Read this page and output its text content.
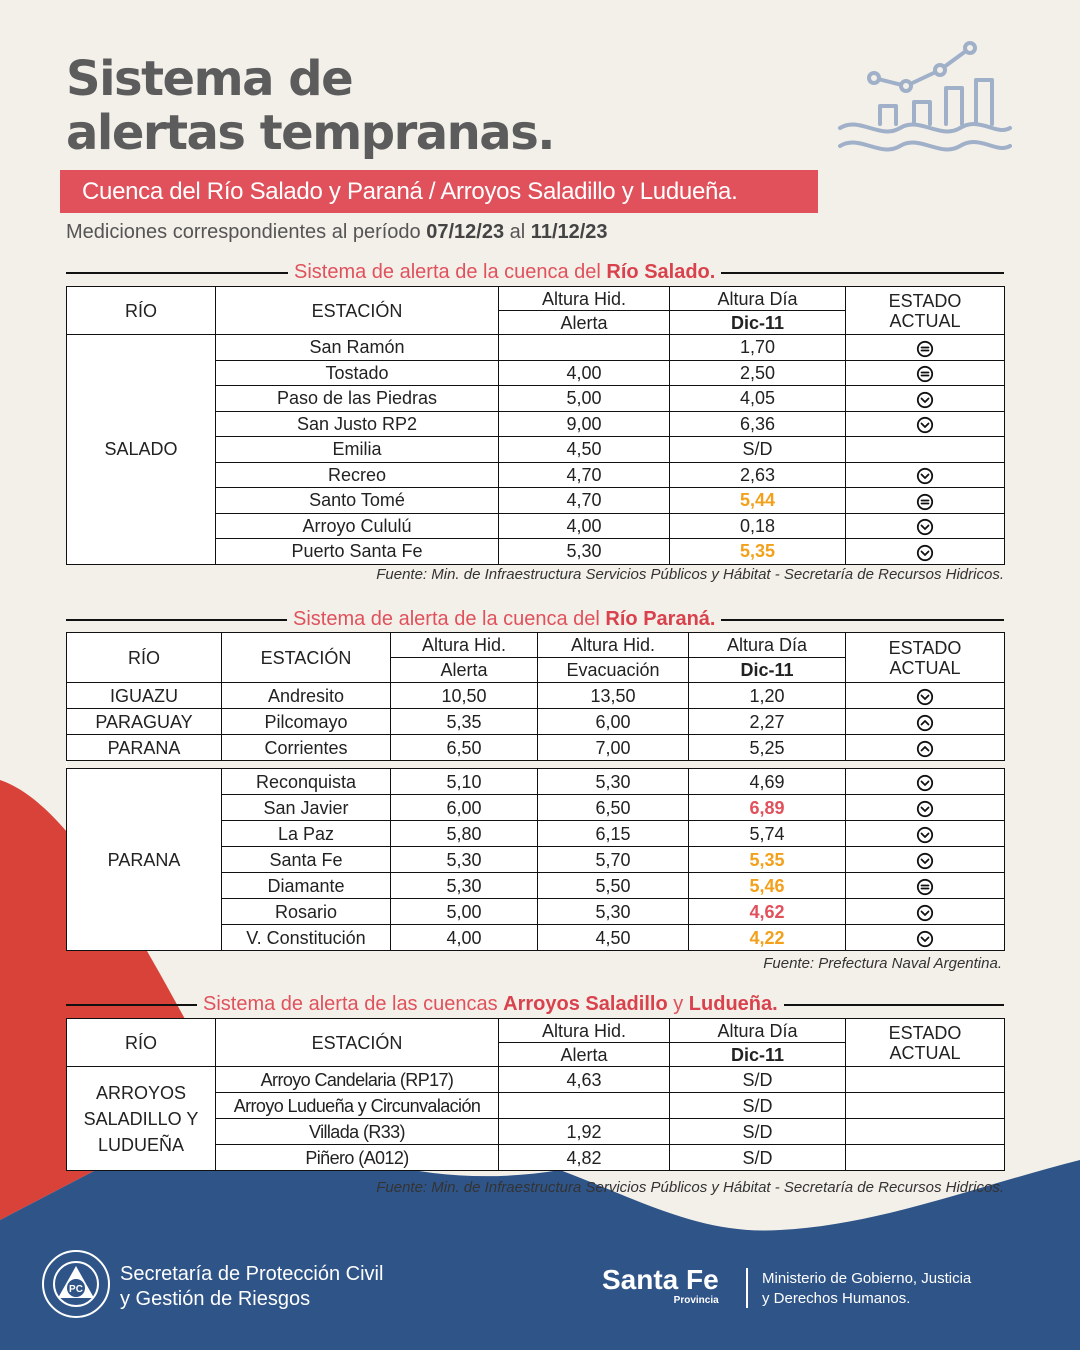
Sistema de
alertas tempranas.
Cuenca del Río Salado y Paraná / Arroyos Saladillo y Ludueña.
Mediciones correspondientes al período 07/12/23 al 11/12/23
Sistema de alerta de la cuenca del Río Salado.
RÍO	ESTACIÓN	Altura Hid.	Altura Día	ESTADO
ACTUAL
		Alerta	Dic-11	
SALADO	San Ramón		1,70	
	Tostado	4,00	2,50	
	Paso de las Piedras	5,00	4,05	
	San Justo RP2	9,00	6,36	
	Emilia	4,50	S/D	
	Recreo	4,70	2,63	
	Santo Tomé	4,70	5,44	
	Arroyo Cululú	4,00	0,18	
	Puerto Santa Fe	5,30	5,35	
Fuente: Min. de Infraestructura Servicios Públicos y Hábitat - Secretaría de Recursos Hidricos.
Sistema de alerta de la cuenca del Río Paraná.
RÍO	ESTACIÓN	Altura Hid.	Altura Hid.	Altura Día	ESTADO
ACTUAL
		Alerta	Evacuación	Dic-11	
IGUAZU	Andresito	10,50	13,50	1,20	
PARAGUAY	Pilcomayo	5,35	6,00	2,27	
PARANA	Corrientes	6,50	7,00	5,25	

PARANA	Reconquista	5,10	5,30	4,69	
	San Javier	6,00	6,50	6,89	
	La Paz	5,80	6,15	5,74	
	Santa Fe	5,30	5,70	5,35	
	Diamante	5,30	5,50	5,46	
	Rosario	5,00	5,30	4,62	
	V. Constitución	4,00	4,50	4,22	
Fuente: Prefectura Naval Argentina.
Sistema de alerta de las cuencas Arroyos Saladillo y Ludueña.
RÍO	ESTACIÓN	Altura Hid.	Altura Día	ESTADO
ACTUAL
		Alerta	Dic-11	
ARROYOS
SALADILLO Y
LUDUEÑA	Arroyo Candelaria (RP17)	4,63	S/D	
	Arroyo Ludueña y Circunvalación		S/D	
	Villada (R33)	1,92	S/D	
	Piñero (A012)	4,82	S/D	
Fuente: Min. de Infraestructura Servicios Públicos y Hábitat - Secretaría de Recursos Hidricos.
PC
Secretaría de Protección Civil
y Gestión de Riesgos
Santa Fe
Provincia
Ministerio de Gobierno, Justicia
y Derechos Humanos.
